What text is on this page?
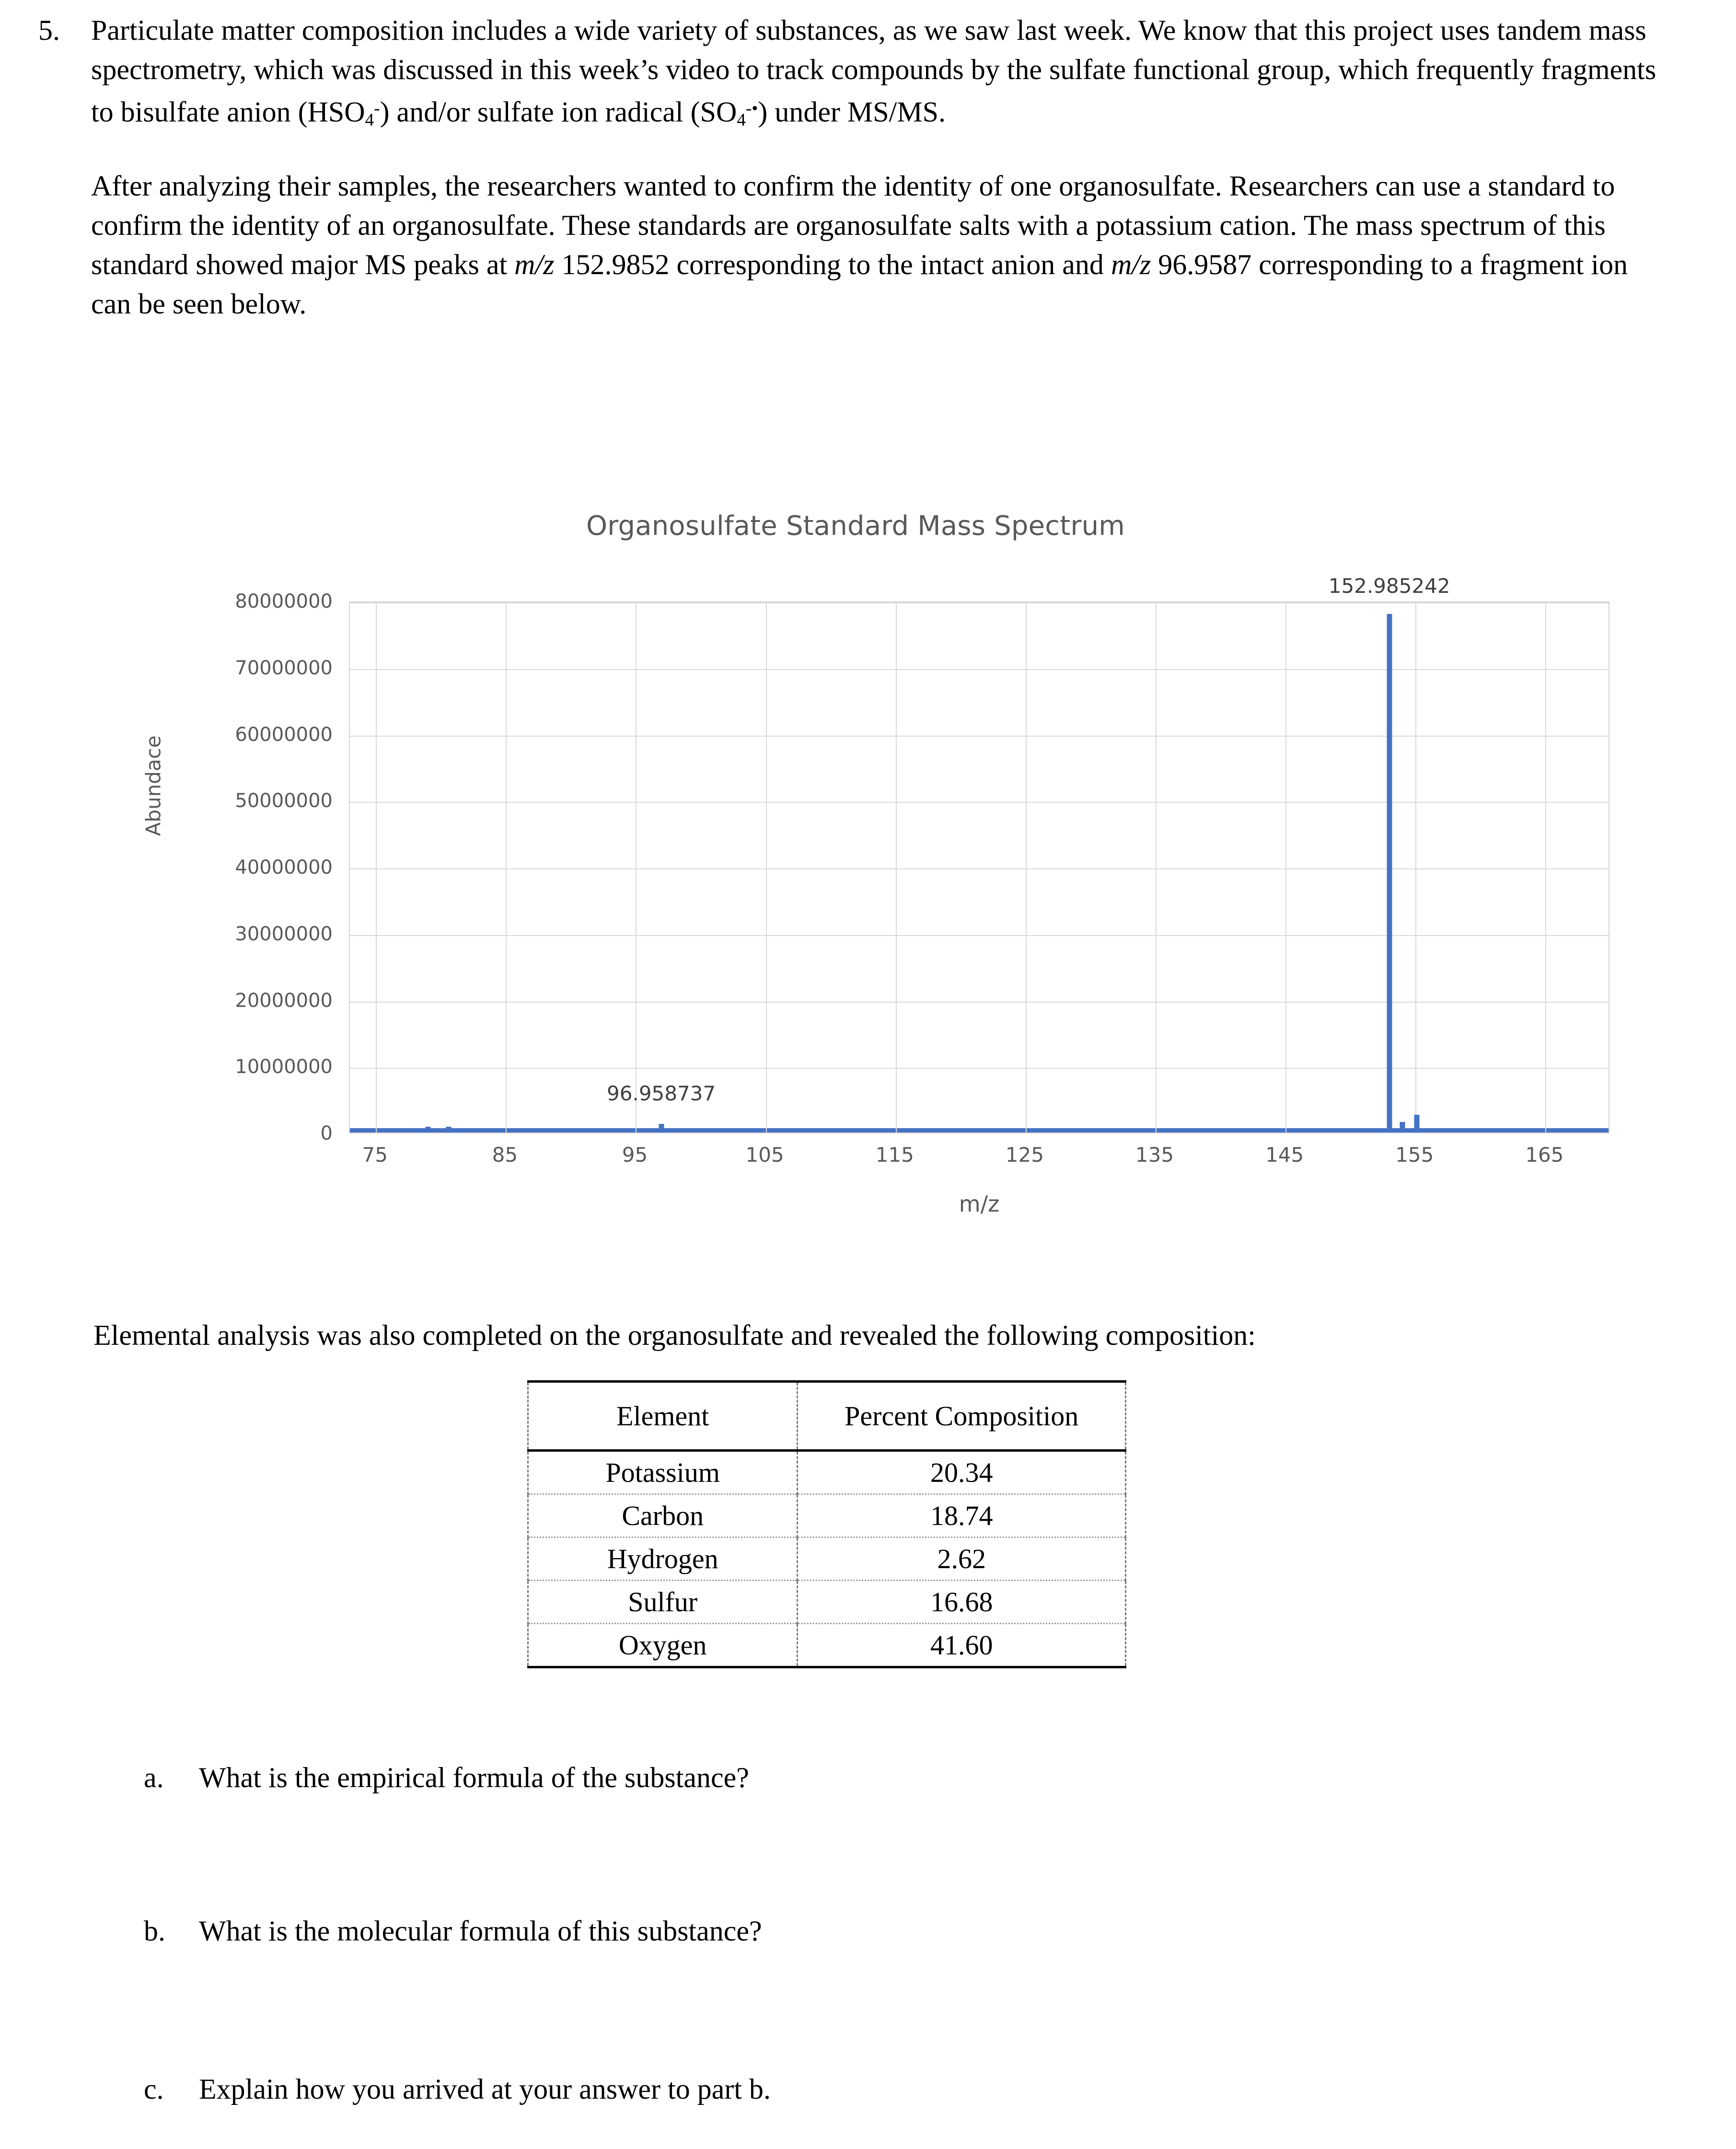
5.	Particulate matter composition includes a wide variety of substances, as we saw last week. We know that this project uses tandem mass spectrometry, which was discussed in this week’s video to track compounds by the sulfate functional group, which frequently fragments to bisulfate anion $(HSO_4^-)$ and/or sulfate ion radical $(SO_4^{-•})$ under MS/MS.

After analyzing their samples, the researchers wanted to confirm the identity of one organosulfate. Researchers can use a standard to confirm the identity of an organosulfate. These standards are organosulfate salts with a potassium cation. The mass spectrum of this standard showed major MS peaks at m/z 152.9852 corresponding to the intact anion and m/z 96.9587 corresponding to a fragment ion can be seen below.

Organosulfate Standard Mass Spectrum
Abundace
0
10000000
20000000
30000000
40000000
50000000
60000000
70000000
80000000
96.958737
152.985242
75	85	95	105	115	125	135	145	155	165
m/z
Elemental analysis was also completed on the organosulfate and revealed the following composition:
Element	Percent Composition
Potassium	20.34
Carbon	18.74
Hydrogen	2.62
Sulfur	16.68
Oxygen	41.60
a.	What is the empirical formula of the substance?
b.	What is the molecular formula of this substance?
c.	Explain how you arrived at your answer to part b.
